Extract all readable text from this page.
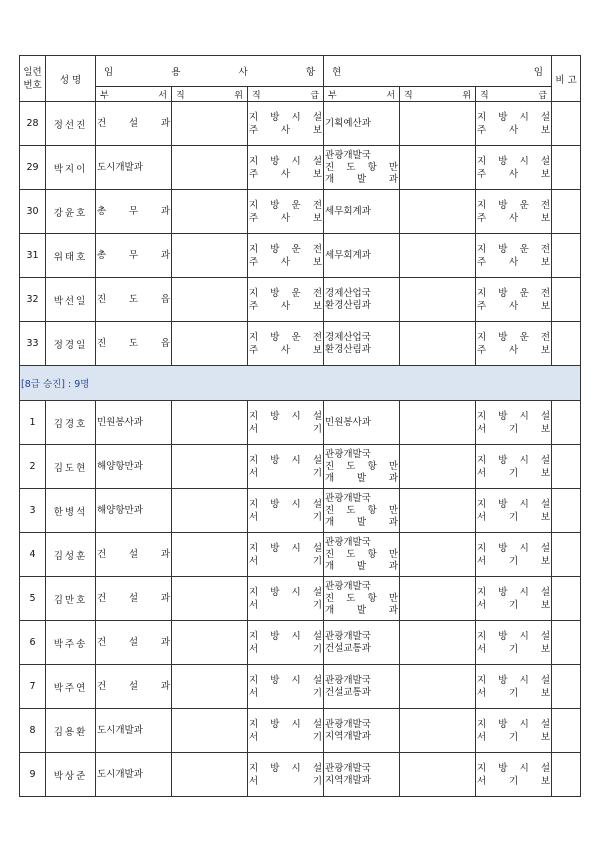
일련
번호	성 명	임 용 사 항			현 임			비 고
		부 서	직 위	직 급	부 서	직 위	직 급	
28	정선진	건 설 과		지 방 시 설
주 사 보	기획예산과		지 방 시 설
주 사 보	

29	박지이	도시개발과		지 방 시 설
주 사 보	관광개발국
진 도 항 만
개 발 과		지 방 시 설
주 사 보	

30	강윤호	총 무 과		지 방 운 전
주 사 보	세무회계과		지 방 운 전
주 사 보	

31	위태호	총 무 과		지 방 운 전
주 사 보	세무회계과		지 방 운 전
주 사 보	

32	박선일	진 도 읍		지 방 운 전
주 사 보	경제산업국
환경산림과		지 방 운 전
주 사 보	

33	정경일	진 도 읍		지 방 운 전
주 사 보	경제산업국
환경산림과		지 방 운 전
주 사 보	

[8급 승진] : 9명								
1	김경호	민원봉사과		지 방 시 설
서 기	민원봉사과		지 방 시 설
서 기 보	

2	김도현	해양항만과		지 방 시 설
서 기	관광개발국
진 도 항 만
개 발 과		지 방 시 설
서 기 보	

3	한병석	해양항만과		지 방 시 설
서 기	관광개발국
진 도 항 만
개 발 과		지 방 시 설
서 기 보	

4	김성훈	건 설 과		지 방 시 설
서 기	관광개발국
진 도 항 만
개 발 과		지 방 시 설
서 기 보	

5	김만호	건 설 과		지 방 시 설
서 기	관광개발국
진 도 항 만
개 발 과		지 방 시 설
서 기 보	

6	박주송	건 설 과		지 방 시 설
서 기	관광개발국
건설교통과		지 방 시 설
서 기 보	

7	박주연	건 설 과		지 방 시 설
서 기	관광개발국
건설교통과		지 방 시 설
서 기 보	

8	김용환	도시개발과		지 방 시 설
서 기	관광개발국
지역개발과		지 방 시 설
서 기 보	

9	박상준	도시개발과		지 방 시 설
서 기	관광개발국
지역개발과		지 방 시 설
서 기 보	
